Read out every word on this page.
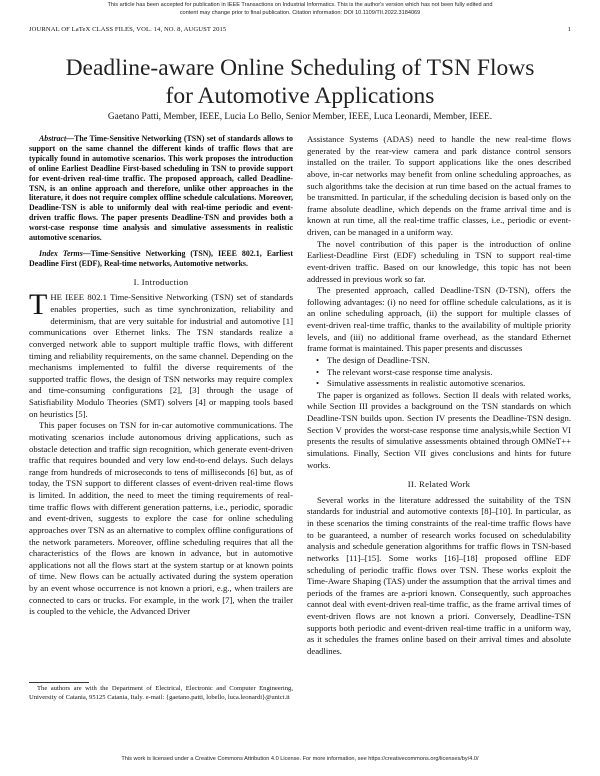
This article has been accepted for publication in IEEE Transactions on Industrial Informatics. This is the author's version which has not been fully edited and
content may change prior to final publication. Citation information: DOI 10.1109/TII.2022.3184069
JOURNAL OF LaTeX CLASS FILES, VOL. 14, NO. 8, AUGUST 2015	1
Deadline-aware Online Scheduling of TSN Flows
for Automotive Applications
Gaetano Patti, Member, IEEE, Lucia Lo Bello, Senior Member, IEEE, Luca Leonardi, Member, IEEE.

Abstract—The Time-Sensitive Networking (TSN) set of standards allows to support on the same channel the different kinds of traffic flows that are typically found in automotive scenarios. This work proposes the introduction of online Earliest Deadline First-based scheduling in TSN to provide support for event-driven real-time traffic. The proposed approach, called Deadline-TSN, is an online approach and therefore, unlike other approaches in the literature, it does not require complex offline schedule calculations. Moreover, Deadline-TSN is able to uniformly deal with real-time periodic and event-driven traffic flows. The paper presents Deadline-TSN and provides both a worst-case response time analysis and simulative assessments in realistic automotive scenarios.

Index Terms—Time-Sensitive Networking (TSN), IEEE 802.1, Earliest Deadline First (EDF), Real-time networks, Automotive networks.

I. Introduction

THE IEEE 802.1 Time-Sensitive Networking (TSN) set of standards enables properties, such as time synchronization, reliability and determinism, that are very suitable for industrial and automotive [1] communications over Ethernet links. The TSN standards realize a converged network able to support multiple traffic flows, with different timing and reliability requirements, on the same channel. Depending on the mechanisms implemented to fulfil the diverse requirements of the supported traffic flows, the design of TSN networks may require complex and time-consuming configurations [2], [3] through the usage of Satisfiability Modulo Theories (SMT) solvers [4] or mapping tools based on heuristics [5].

This paper focuses on TSN for in-car automotive communications. The motivating scenarios include autonomous driving applications, such as obstacle detection and traffic sign recognition, which generate event-driven traffic that requires bounded and very low end-to-end delays. Such delays range from hundreds of microseconds to tens of milliseconds [6] but, as of today, the TSN support to different classes of event-driven real-time flows is limited. In addition, the need to meet the timing requirements of real-time traffic flows with different generation patterns, i.e., periodic, sporadic and event-driven, suggests to explore the case for online scheduling approaches over TSN as an alternative to complex offline configurations of the network parameters. Moreover, offline scheduling requires that all the characteristics of the flows are known in advance, but in automotive applications not all the flows start at the system startup or at known points of time. New flows can be actually activated during the system operation by an event whose occurrence is not known a priori, e.g., when trailers are connected to cars or trucks. For example, in the work [7], when the trailer is coupled to the vehicle, the Advanced Driver

Assistance Systems (ADAS) need to handle the new real-time flows generated by the rear-view camera and park distance control sensors installed on the trailer. To support applications like the ones described above, in-car networks may benefit from online scheduling approaches, as such algorithms take the decision at run time based on the actual frames to be transmitted. In particular, if the scheduling decision is based only on the frame absolute deadline, which depends on the frame arrival time and is known at run time, all the real-time traffic classes, i.e., periodic or event-driven, can be managed in a uniform way.

The novel contribution of this paper is the introduction of online Earliest-Deadline First (EDF) scheduling in TSN to support real-time event-driven traffic. Based on our knowledge, this topic has not been addressed in previous work so far.

The presented approach, called Deadline-TSN (D-TSN), offers the following advantages: (i) no need for offline schedule calculations, as it is an online scheduling approach, (ii) the support for multiple classes of event-driven real-time traffic, thanks to the availability of multiple priority levels, and (iii) no additional frame overhead, as the standard Ethernet frame format is maintained. This paper presents and discusses

• The design of Deadline-TSN.
• The relevant worst-case response time analysis.
• Simulative assessments in realistic automotive scenarios.

The paper is organized as follows. Section II deals with related works, while Section III provides a background on the TSN standards on which Deadline-TSN builds upon. Section IV presents the Deadline-TSN design. Section V provides the worst-case response time analysis,while Section VI presents the results of simulative assessments obtained through OMNeT++ simulations. Finally, Section VII gives conclusions and hints for future works.

II. Related Work

Several works in the literature addressed the suitability of the TSN standards for industrial and automotive contexts [8]–[10]. In particular, as in these scenarios the timing constraints of the real-time traffic flows have to be guaranteed, a number of research works focused on schedulability analysis and schedule generation algorithms for traffic flows in TSN-based networks [11]–[15]. Some works [16]–[18] proposed offline EDF scheduling of periodic traffic flows over TSN. These works exploit the Time-Aware Shaping (TAS) under the assumption that the arrival times and periods of the frames are a-priori known. Consequently, such approaches cannot deal with event-driven real-time traffic, as the frame arrival times of event-driven flows are not known a priori. Conversely, Deadline-TSN supports both periodic and event-driven real-time traffic in a uniform way, as it schedules the frames online based on their arrival times and absolute deadlines.

The authors are with the Department of Electrical, Electronic and Computer Engineering, University of Catania, 95125 Catania, Italy. e-mail: {gaetano.patti, lobello, luca.leonardi}@unict.it
This work is licensed under a Creative Commons Attribution 4.0 License. For more information, see https://creativecommons.org/licenses/by/4.0/
